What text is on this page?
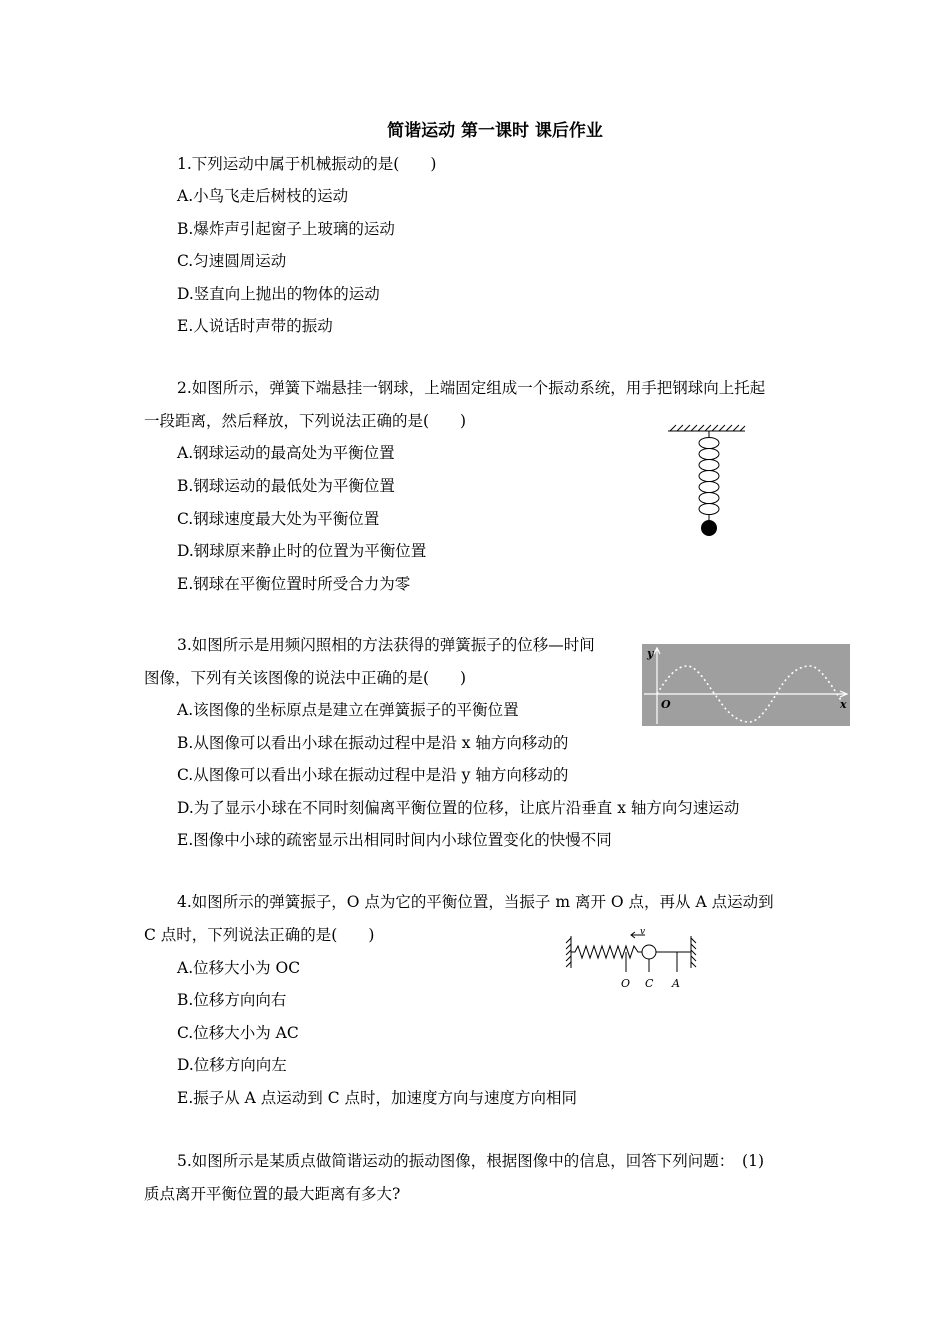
简谐运动 第一课时 课后作业
1.下列运动中属于机械振动的是(　　)
A.小鸟飞走后树枝的运动
B.爆炸声引起窗子上玻璃的运动
C.匀速圆周运动
D.竖直向上抛出的物体的运动
E.人说话时声带的振动
2.如图所示，弹簧下端悬挂一钢球，上端固定组成一个振动系统，用手把钢球向上托起
一段距离，然后释放，下列说法正确的是(　　)
A.钢球运动的最高处为平衡位置
B.钢球运动的最低处为平衡位置
C.钢球速度最大处为平衡位置
D.钢球原来静止时的位置为平衡位置
E.钢球在平衡位置时所受合力为零
3.如图所示是用频闪照相的方法获得的弹簧振子的位移—时间
图像，下列有关该图像的说法中正确的是(　　)
A.该图像的坐标原点是建立在弹簧振子的平衡位置
B.从图像可以看出小球在振动过程中是沿 x 轴方向移动的
C.从图像可以看出小球在振动过程中是沿 y 轴方向移动的
D.为了显示小球在不同时刻偏离平衡位置的位移，让底片沿垂直 x 轴方向匀速运动
E.图像中小球的疏密显示出相同时间内小球位置变化的快慢不同
y
O	x
4.如图所示的弹簧振子，O 点为它的平衡位置，当振子 m 离开 O 点，再从 A 点运动到
C 点时，下列说法正确的是(　　)
A.位移大小为 OC
B.位移方向向右
C.位移大小为 AC
D.位移方向向左
E.振子从 A 点运动到 C 点时，加速度方向与速度方向相同
v
O C A
5.如图所示是某质点做简谐运动的振动图像，根据图像中的信息，回答下列问题：　(1)
质点离开平衡位置的最大距离有多大?
